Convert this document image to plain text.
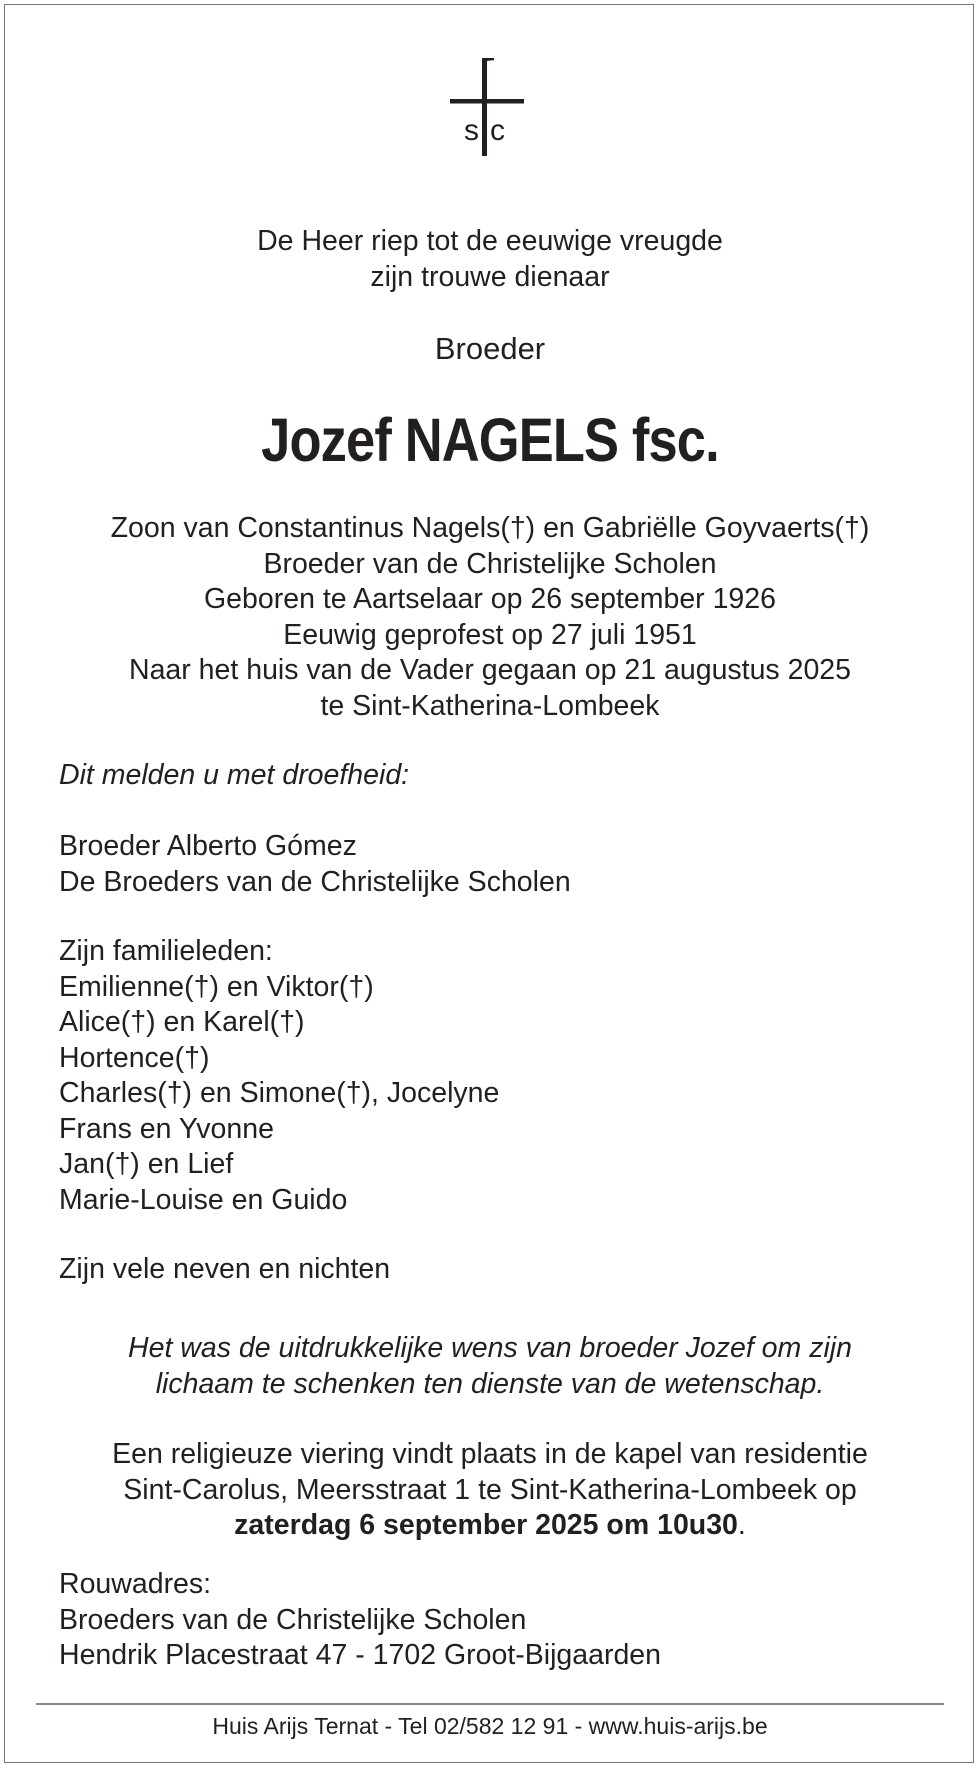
s c
De Heer riep tot de eeuwige vreugde
zijn trouwe dienaar
Broeder
Jozef NAGELS fsc.
Zoon van Constantinus Nagels(†) en Gabriëlle Goyvaerts(†)
Broeder van de Christelijke Scholen
Geboren te Aartselaar op 26 september 1926
Eeuwig geprofest op 27 juli 1951
Naar het huis van de Vader gegaan op 21 augustus 2025
te Sint-Katherina-Lombeek
Dit melden u met droefheid:
Broeder Alberto Gómez
De Broeders van de Christelijke Scholen
Zijn familieleden:
Emilienne(†) en Viktor(†)
Alice(†) en Karel(†)
Hortence(†)
Charles(†) en Simone(†), Jocelyne
Frans en Yvonne
Jan(†) en Lief
Marie-Louise en Guido
Zijn vele neven en nichten
Het was de uitdrukkelijke wens van broeder Jozef om zijn
lichaam te schenken ten dienste van de wetenschap.
Een religieuze viering vindt plaats in de kapel van residentie
Sint-Carolus, Meersstraat 1 te Sint-Katherina-Lombeek op
zaterdag 6 september 2025 om 10u30.
Rouwadres:
Broeders van de Christelijke Scholen
Hendrik Placestraat 47 - 1702 Groot-Bijgaarden
Huis Arijs Ternat - Tel 02/582 12 91 - www.huis-arijs.be
